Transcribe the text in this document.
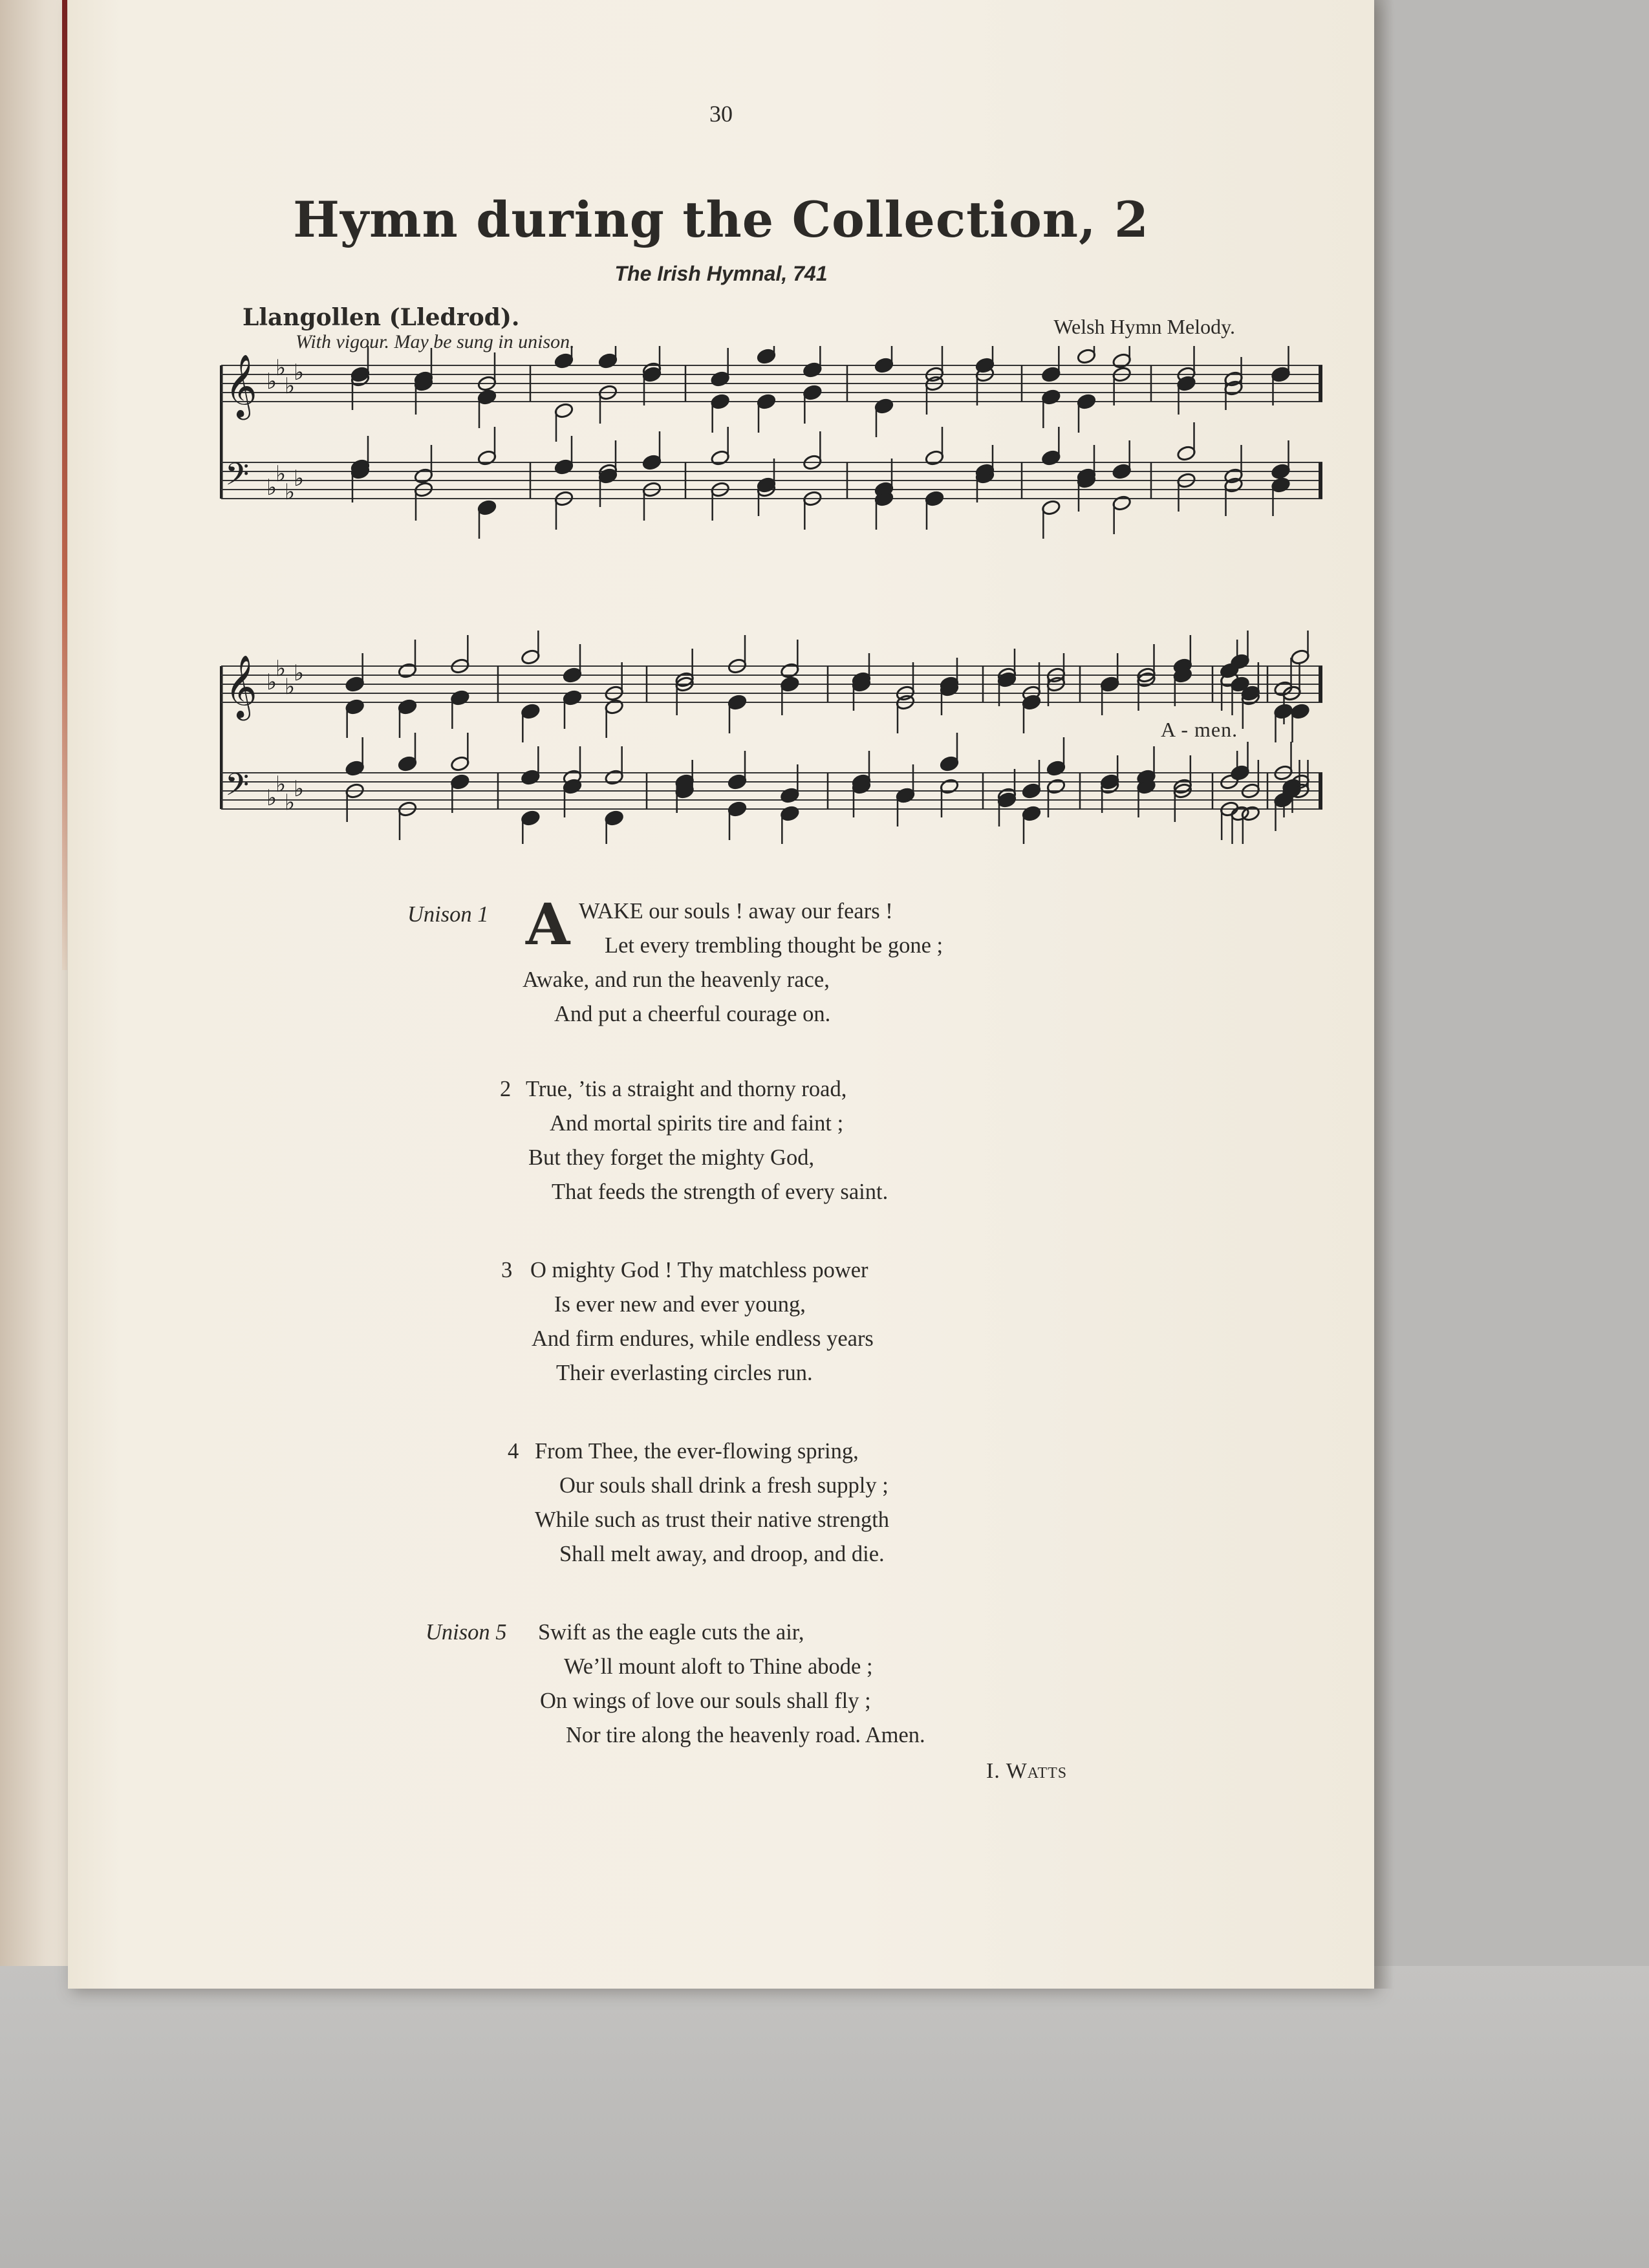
30
Hymn during the Collection, 2
The Irish Hymnal, 741
Llangollen (Lledrod).
With vigour. May be sung in unison.
Welsh Hymn Melody.
𝄞 ♭
♭
♭
♭
𝄢 ♭
♭
♭
♭
𝄞 ♭
♭
♭
♭
𝄢 ♭
♭
♭
♭
A - men.
A
Unison 1	WAKE our souls ! away our fears !
Let every trembling thought be gone ;
Awake, and run the heavenly race,
And put a cheerful courage on.
2 True, ’tis a straight and thorny road,
And mortal spirits tire and faint ;
But they forget the mighty God,
That feeds the strength of every saint.
3 O mighty God ! Thy matchless power
Is ever new and ever young,
And firm endures, while endless years
Their everlasting circles run.
4 From Thee, the ever-flowing spring,
Our souls shall drink a fresh supply ;
While such as trust their native strength
Shall melt away, and droop, and die.
Unison 5 Swift as the eagle cuts the air,
We’ll mount aloft to Thine abode ;
On wings of love our souls shall fly ;
Nor tire along the heavenly road. Amen.
I. Watts
